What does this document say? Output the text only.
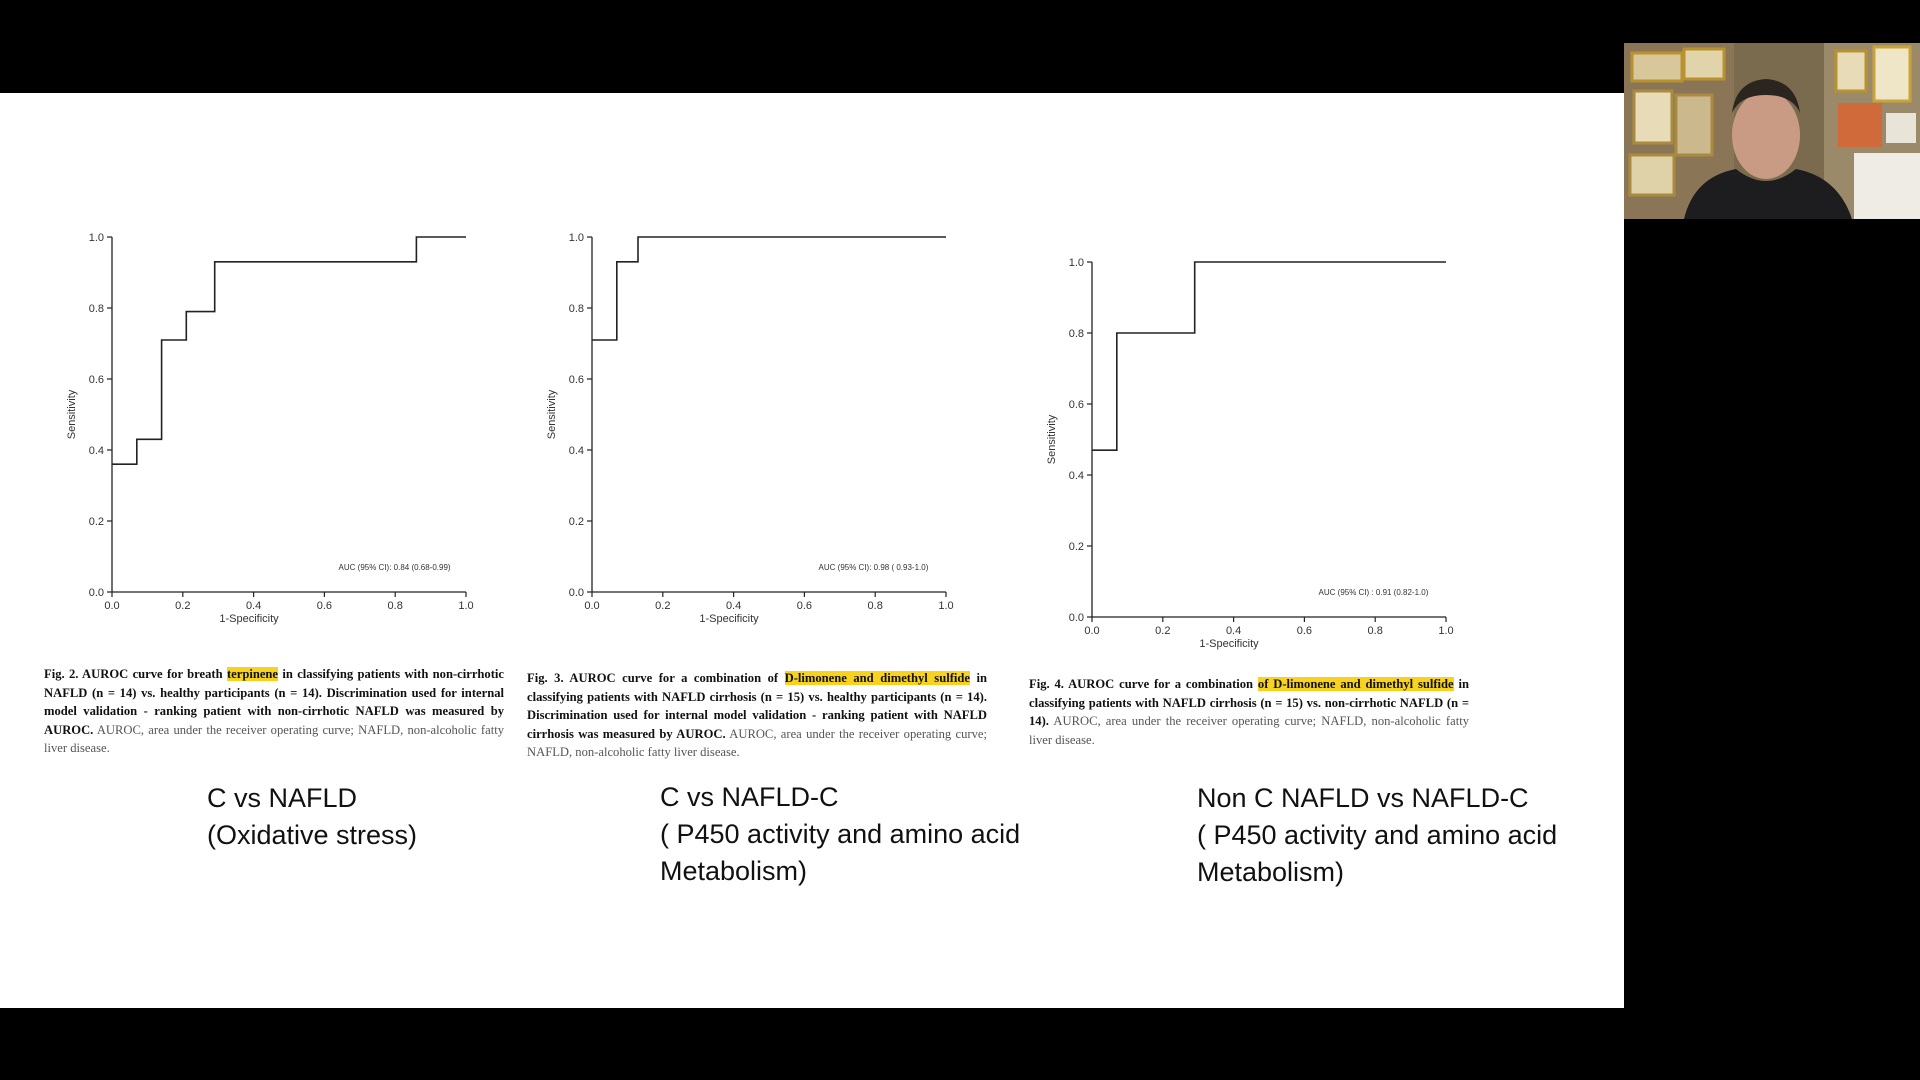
0.0	0.2	0.4	0.6	0.8	1.0
0.0
0.2
0.4
0.6
0.8
1.0
1-Specificity
Sensitivity
AUC (95% CI): 0.84 (0.68-0.99)
0.0	0.2	0.4	0.6	0.8	1.0
0.0
0.2
0.4
0.6
0.8
1.0
1-Specificity
Sensitivity
AUC (95% CI): 0.98 ( 0.93-1.0)
0.0	0.2	0.4	0.6	0.8	1.0
0.0
0.2
0.4
0.6
0.8
1.0
1-Specificity
Sensitivity
AUC (95% CI) : 0.91 (0.82-1.0)
Fig. 2. AUROC curve for breath terpinene in classifying patients with non-cirrhotic NAFLD (n = 14) vs. healthy participants (n = 14). Discrimination used for internal model validation - ranking patient with non-cirrhotic NAFLD was measured by AUROC. AUROC, area under the receiver operating curve; NAFLD, non-alcoholic fatty liver disease.
Fig. 3. AUROC curve for a combination of D-limonene and dimethyl sulfide in classifying patients with NAFLD cirrhosis (n = 15) vs. healthy participants (n = 14). Discrimination used for internal model validation - ranking patient with NAFLD cirrhosis was measured by AUROC. AUROC, area under the receiver operating curve; NAFLD, non-alcoholic fatty liver disease.
Fig. 4. AUROC curve for a combination of D-limonene and dimethyl sulfide in classifying patients with NAFLD cirrhosis (n = 15) vs. non-cirrhotic NAFLD (n = 14). AUROC, area under the receiver operating curve; NAFLD, non-alcoholic fatty liver disease.
C vs NAFLD
(Oxidative stress)
C vs NAFLD-C
( P450 activity and amino acid
Metabolism)
Non C NAFLD vs NAFLD-C
( P450 activity and amino acid
Metabolism)
